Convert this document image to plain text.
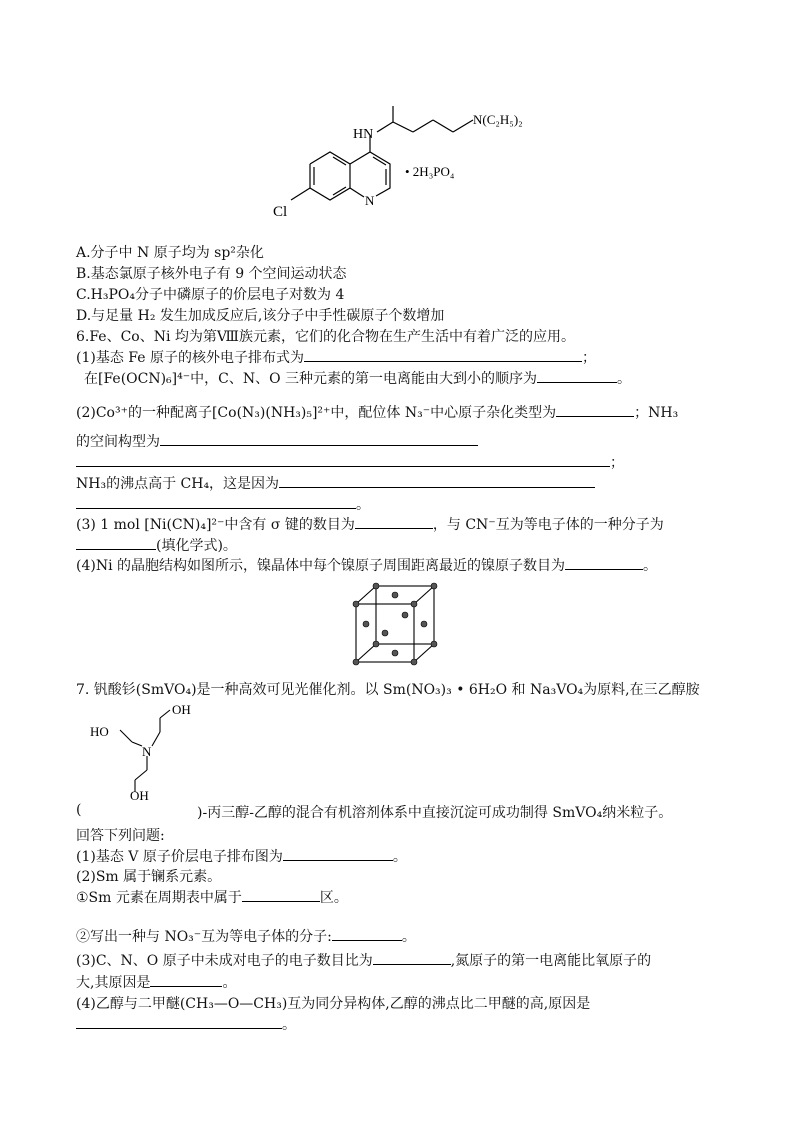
HN
Cl
N
N(C₂H₅)₂
• 2H₃PO₄
A.分子中 N 原子均为 sp²杂化
B.基态氯原子核外电子有 9 个空间运动状态
C.H₃PO₄分子中磷原子的价层电子对数为 4
D.与足量 H₂ 发生加成反应后,该分子中手性碳原子个数增加
6.Fe、Co、Ni 均为第Ⅷ族元素，它们的化合物在生产生活中有着广泛的应用。
(1)基态 Fe 原子的核外电子排布式为	；
在[Fe(OCN)₆]⁴⁻中，C、N、O 三种元素的第一电离能由大到小的顺序为	。
(2)Co³⁺的一种配离子[Co(N₃)(NH₃)₅]²⁺中，配位体 N₃⁻中心原子杂化类型为	；NH₃
的空间构型为
；
NH₃的沸点高于 CH₄，这是因为
。
(3) 1 mol [Ni(CN)₄]²⁻中含有 σ 键的数目为	，与 CN⁻互为等电子体的一种分子为
(填化学式)。
(4)Ni 的晶胞结构如图所示，镍晶体中每个镍原子周围距离最近的镍原子数目为	。
7. 钒酸钐(SmVO₄)是一种高效可见光催化剂。以 Sm(NO₃)₃ • 6H₂O 和 Na₃VO₄为原料,在三乙醇胺
HO
OH
N
OH
(	)-丙三醇-乙醇的混合有机溶剂体系中直接沉淀可成功制得 SmVO₄纳米粒子。
回答下列问题:
(1)基态 V 原子价层电子排布图为	。
(2)Sm 属于镧系元素。
①Sm 元素在周期表中属于	区。
②写出一种与 NO₃⁻互为等电子体的分子:	。
(3)C、N、O 原子中未成对电子的电子数目比为	,氮原子的第一电离能比氧原子的
大,其原因是	。
(4)乙醇与二甲醚(CH₃—O—CH₃)互为同分异构体,乙醇的沸点比二甲醚的高,原因是
。
